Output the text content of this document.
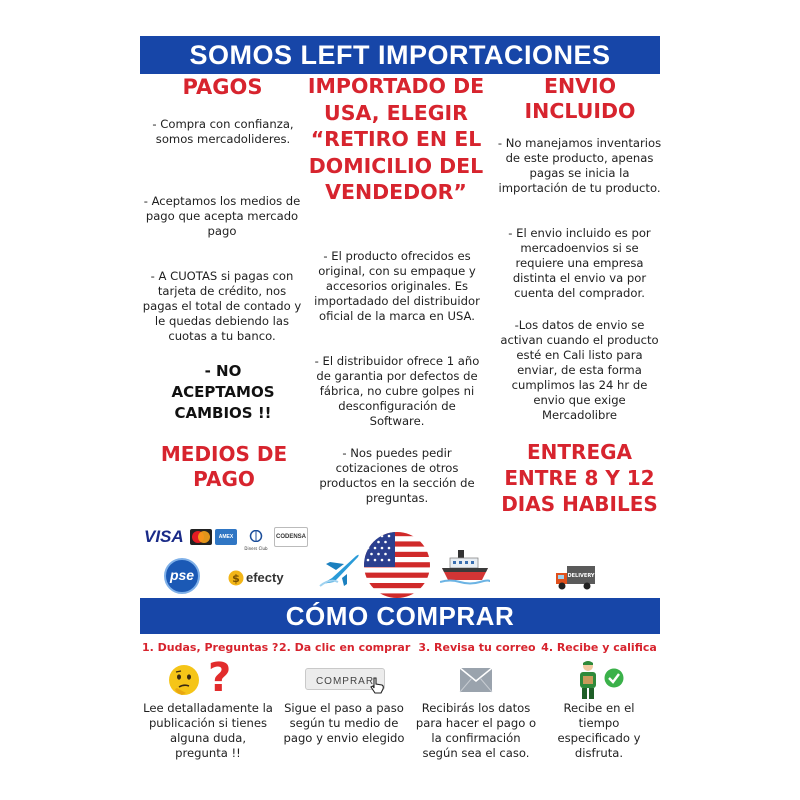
SOMOS LEFT IMPORTACIONES
PAGOS
- Compra con confianza, somos mercadolideres.
- Aceptamos los medios de pago que acepta mercado pago
- A CUOTAS si pagas con tarjeta de crédito, nos pagas el total de contado y le quedas debiendo las cuotas a tu banco.
- NO ACEPTAMOS CAMBIOS !!
MEDIOS DE PAGO
IMPORTADO DE USA, ELEGIR “RETIRO EN EL DOMICILIO DEL VENDEDOR”
- El producto ofrecidos es original, con su empaque y accesorios originales. Es importadado del distribuidor oficial de la marca en USA.
- El distribuidor ofrece 1 año de garantia por defectos de fábrica, no cubre golpes ni desconfiguración de Software.
- Nos puedes pedir cotizaciones de otros productos en la sección de preguntas.
ENVIO INCLUIDO
- No manejamos inventarios de este producto, apenas pagas se inicia la importación de tu producto.
- El envio incluido es por mercadoenvios si se requiere una empresa distinta el envio va por cuenta del comprador.
-Los datos de envio se activan cuando el producto esté en Cali listo para enviar, de esta forma cumplimos las 24 hr de envio que exige Mercadolibre
ENTREGA ENTRE 8 Y 12 DIAS HABILES
VISA	AMEX
Diners Club
CODENSA
pse	$ efecty	DELIVERY
CÓMO COMPRAR
1. Dudas, Preguntas ? 2. Da clic en comprar 3. Revisa tu correo 4. Recibe y califica
?	COMPRAR
Lee detalladamente la publicación si tienes alguna duda, pregunta !!
Sigue el paso a paso según tu medio de pago y envio elegido
Recibirás los datos para hacer el pago o la confirmación según sea el caso.
Recibe en el tiempo especificado y disfruta.
